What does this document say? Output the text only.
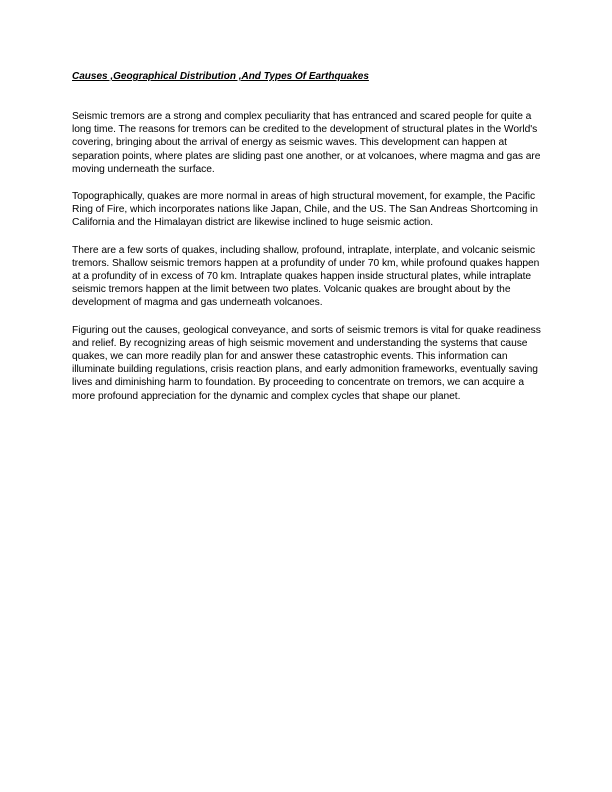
Causes ,Geographical Distribution ,And Types Of Earthquakes

Seismic tremors are a strong and complex peculiarity that has entranced and scared people for quite a long time. The reasons for tremors can be credited to the development of structural plates in the World's covering, bringing about the arrival of energy as seismic waves. This development can happen at separation points, where plates are sliding past one another, or at volcanoes, where magma and gas are moving underneath the surface.

Topographically, quakes are more normal in areas of high structural movement, for example, the Pacific Ring of Fire, which incorporates nations like Japan, Chile, and the US. The San Andreas Shortcoming in California and the Himalayan district are likewise inclined to huge seismic action.

There are a few sorts of quakes, including shallow, profound, intraplate, interplate, and volcanic seismic tremors. Shallow seismic tremors happen at a profundity of under 70 km, while profound quakes happen at a profundity of in excess of 70 km. Intraplate quakes happen inside structural plates, while intraplate seismic tremors happen at the limit between two plates. Volcanic quakes are brought about by the development of magma and gas underneath volcanoes.

Figuring out the causes, geological conveyance, and sorts of seismic tremors is vital for quake readiness and relief. By recognizing areas of high seismic movement and understanding the systems that cause quakes, we can more readily plan for and answer these catastrophic events. This information can illuminate building regulations, crisis reaction plans, and early admonition frameworks, eventually saving lives and diminishing harm to foundation. By proceeding to concentrate on tremors, we can acquire a more profound appreciation for the dynamic and complex cycles that shape our planet.
